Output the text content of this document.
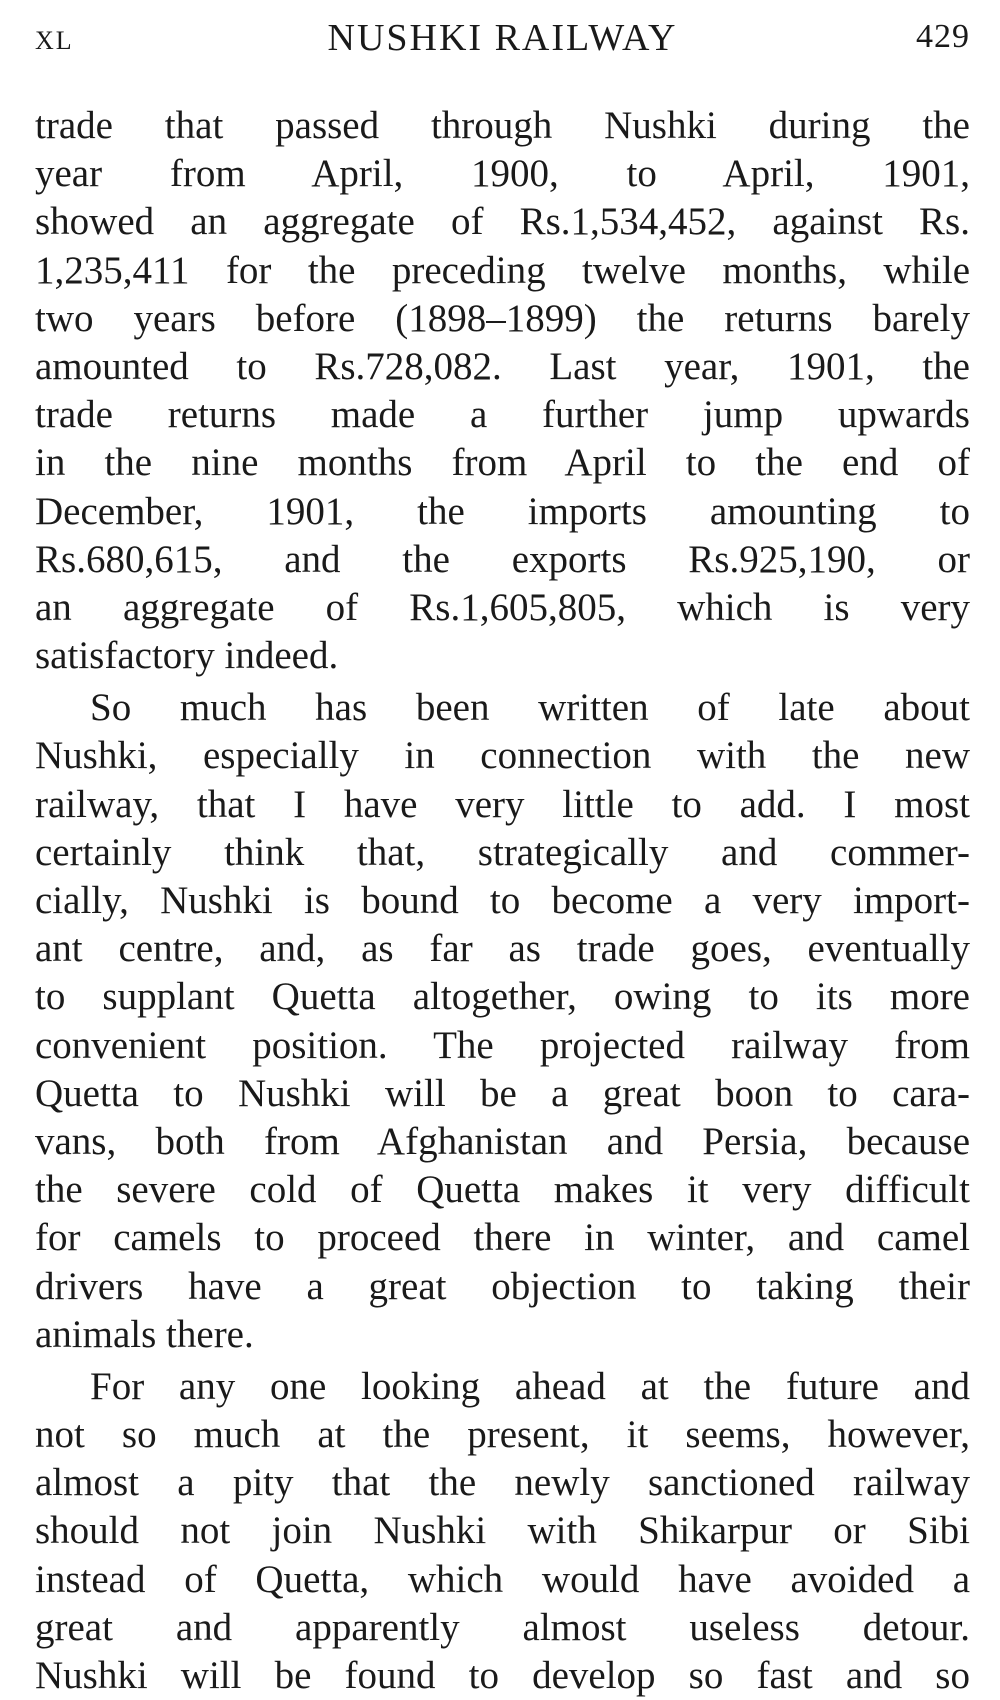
XL	NUSHKI RAILWAY	429
trade that passed through Nushki during the
year from April, 1900, to April, 1901,
showed an aggregate of Rs.1,534,452, against Rs.
1,235,411 for the preceding twelve months, while
two years before (1898–1899) the returns barely
amounted to Rs.728,082. Last year, 1901, the
trade returns made a further jump upwards
in the nine months from April to the end of
December, 1901, the imports amounting to
Rs.680,615, and the exports Rs.925,190, or
an aggregate of Rs.1,605,805, which is very
satisfactory indeed.
So much has been written of late about
Nushki, especially in connection with the new
railway, that I have very little to add. I most
certainly think that, strategically and commer-
cially, Nushki is bound to become a very import-
ant centre, and, as far as trade goes, eventually
to supplant Quetta altogether, owing to its more
convenient position. The projected railway from
Quetta to Nushki will be a great boon to cara-
vans, both from Afghanistan and Persia, because
the severe cold of Quetta makes it very difficult
for camels to proceed there in winter, and camel
drivers have a great objection to taking their
animals there.
For any one looking ahead at the future and
not so much at the present, it seems, however,
almost a pity that the newly sanctioned railway
should not join Nushki with Shikarpur or Sibi
instead of Quetta, which would have avoided a
great and apparently almost useless detour.
Nushki will be found to develop so fast and so
